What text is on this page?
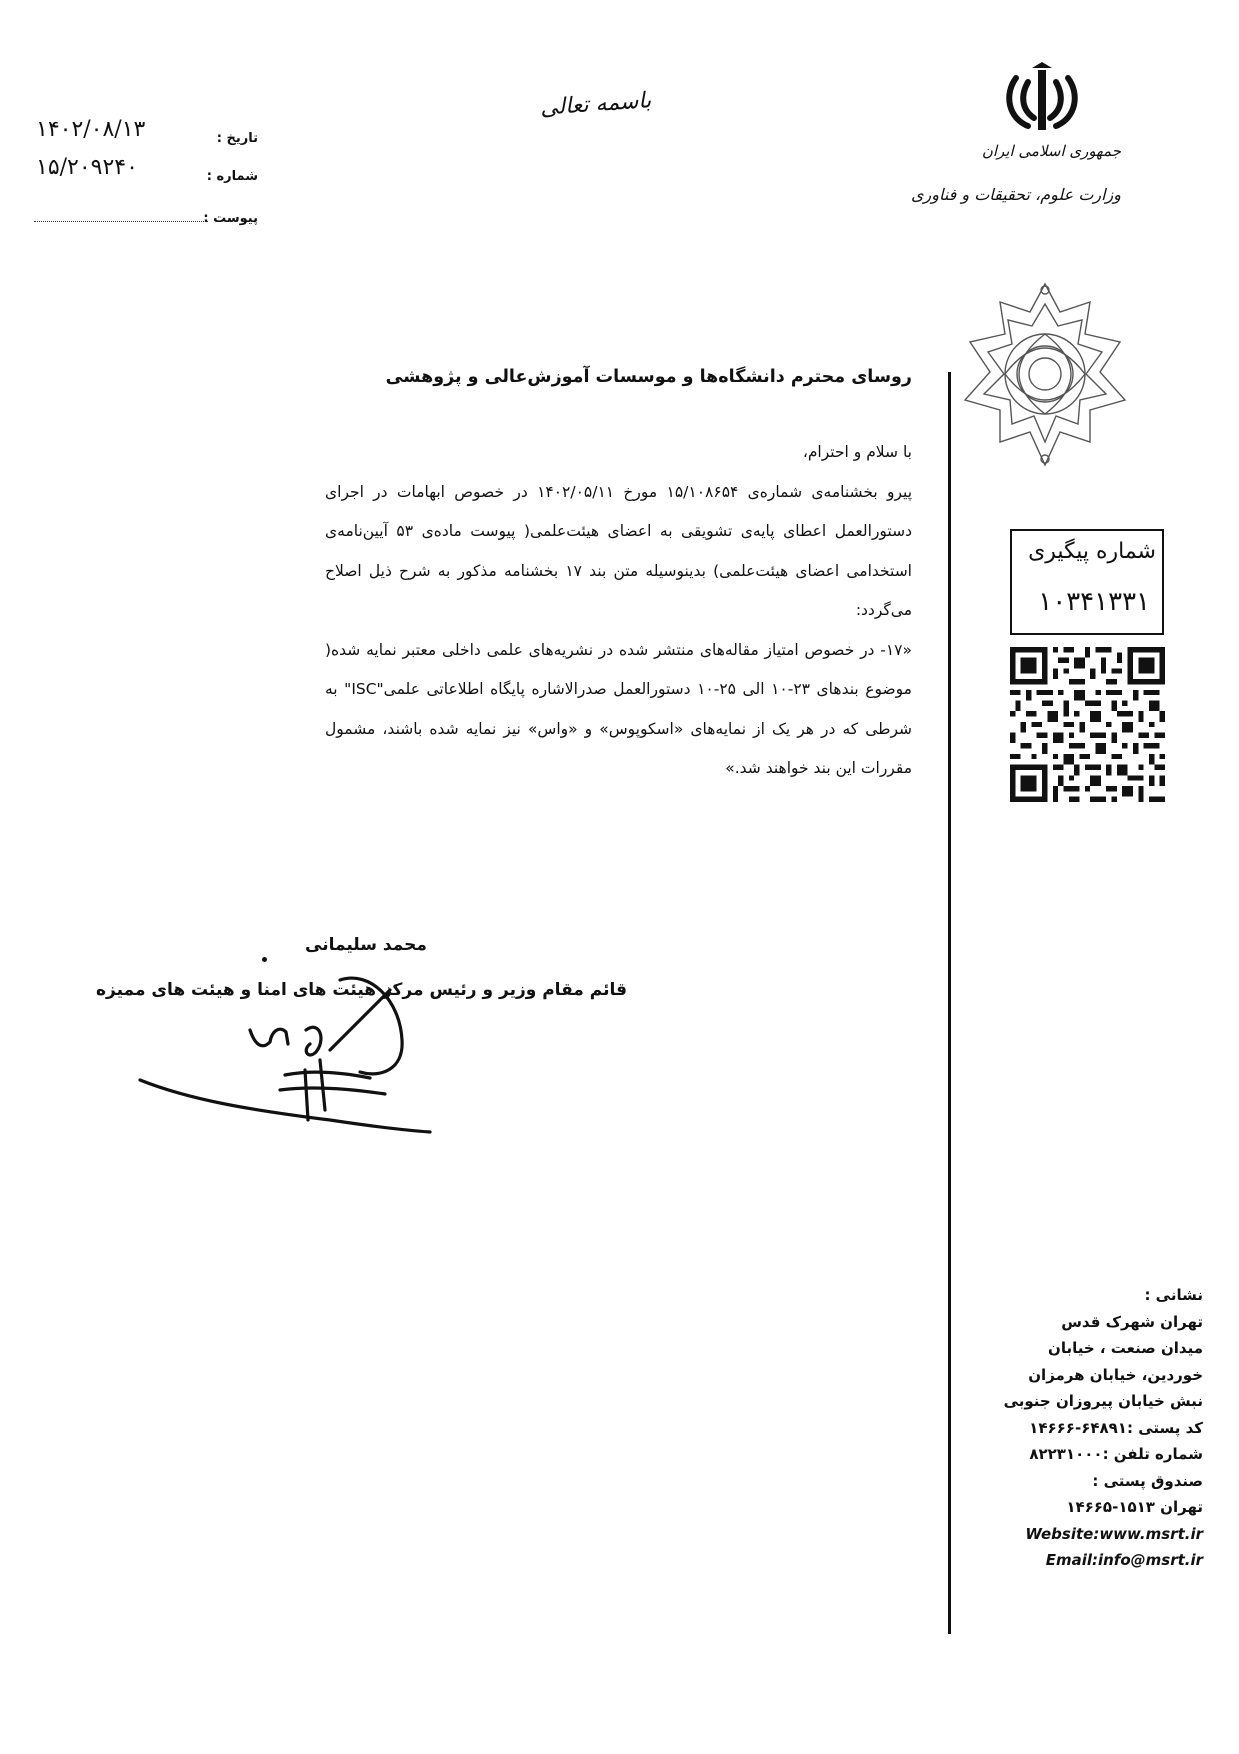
تاریخ :
۱۴۰۲/۰۸/۱۳
شماره :
۱۵/۲۰۹۲۴۰
پیوست :
باسمه تعالی
جمهوری اسلامی ایران
وزارت علوم، تحقیقات و فناوری
روسای محترم دانشگاه‌ها و موسسات آموزش‌عالی و پژوهشی

با سلام و احترام،

پیرو بخشنامه‌ی شماره‌ی ۱۵/۱۰۸۶۵۴ مورخ ۱۴۰۲/۰۵/۱۱ در خصوص ابهامات در اجرای دستورالعمل اعطای پایه‌ی تشویقی به اعضای هیئت‌علمی( پیوست ماده‌ی ۵۳ آیین‌نامه‌ی استخدامی اعضای هیئت‌علمی) بدینوسیله متن بند ۱۷ بخشنامه مذکور به شرح ذیل اصلاح می‌گردد:

«۱۷- در خصوص امتیاز مقاله‌های منتشر شده در نشریه‌های علمی داخلی معتبر نمایه شده( موضوع بندهای ۲۳-۱۰ الی ۲۵-۱۰ دستورالعمل صدرالاشاره پایگاه اطلاعاتی علمی"ISC" به شرطی که در هر یک از نمایه‌های «اسکوپوس» و «واس» نیز نمایه شده باشند، مشمول مقررات این بند خواهند شد.»

شماره پیگیری
۱۰۳۴۱۳۳۱
محمد سلیمانی
قائم مقام وزیر و رئیس مرکز هیئت های امنا و هیئت های ممیزه
نشانی :
تهران شهرک قدس
میدان صنعت ، خیابان
خوردین، خیابان هرمزان
نبش خیابان پیروزان جنوبی
کد پستی :۶۴۸۹۱-۱۴۶۶۶
شماره تلفن :۸۲۲۳۱۰۰۰
صندوق پستی :
تهران ۱۵۱۳-۱۴۶۶۵
Website:www.msrt.ir
Email:info@msrt.ir
